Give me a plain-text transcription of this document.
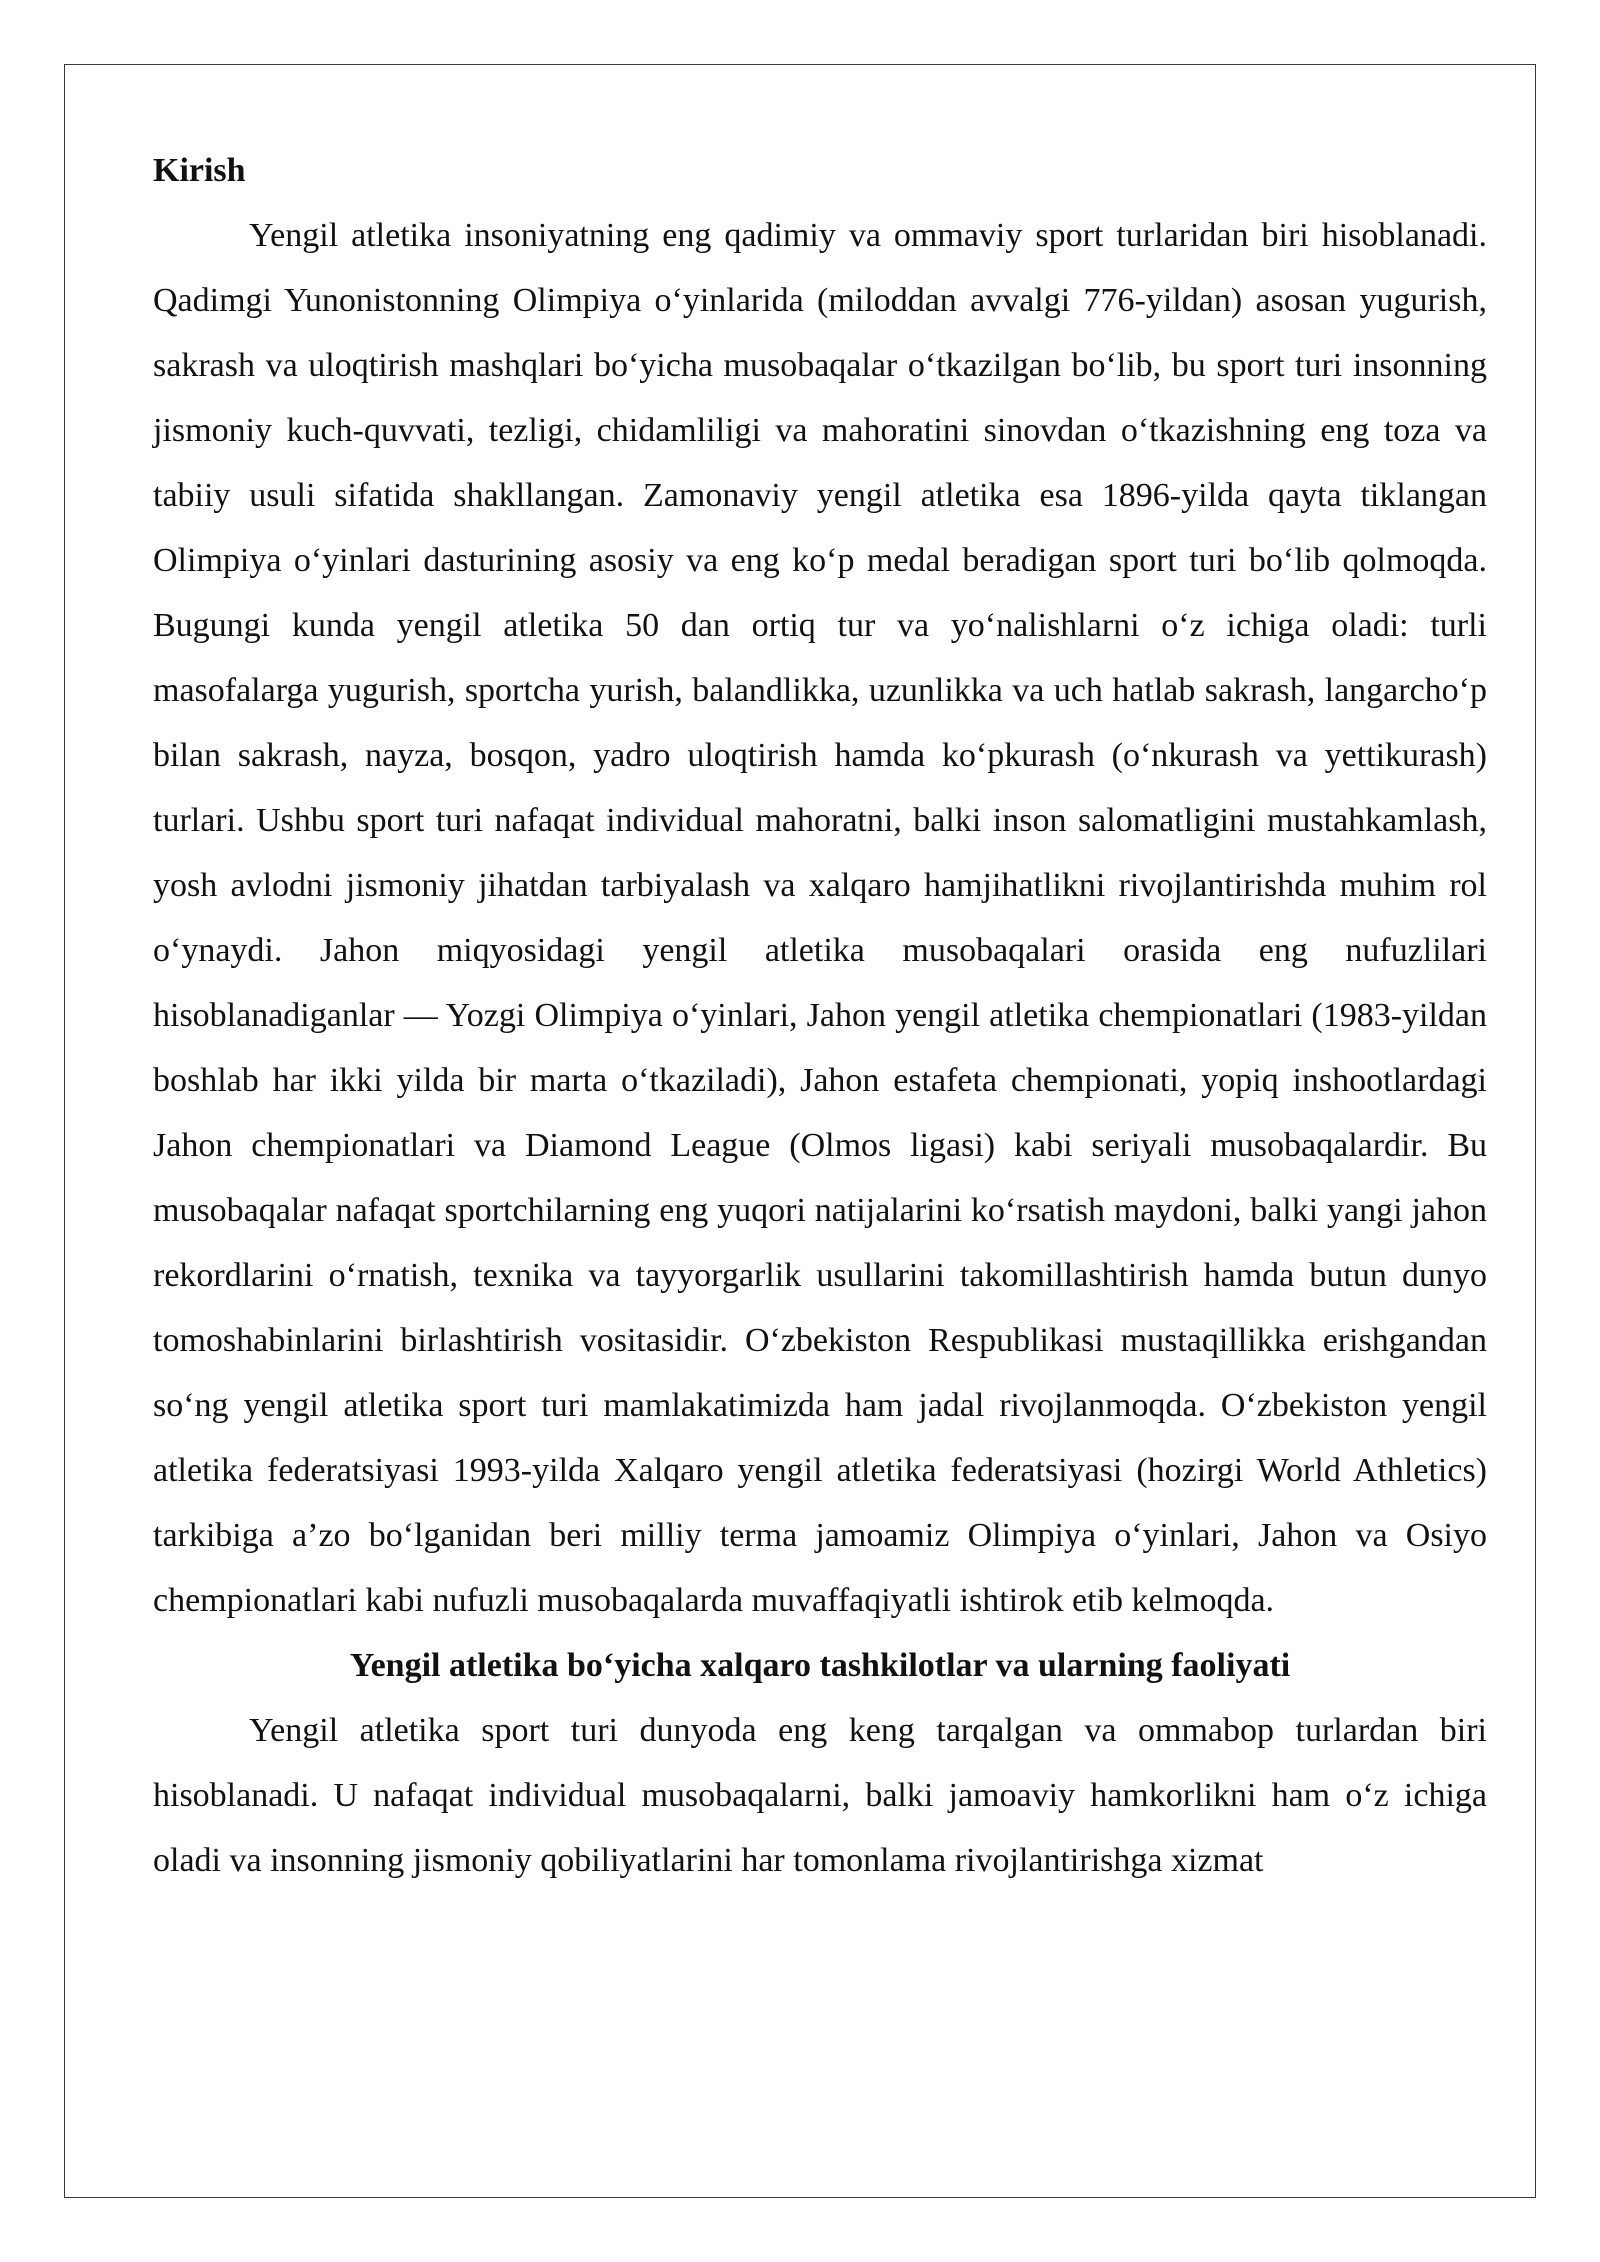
Kirish

Yengil atletika insoniyatning eng qadimiy va ommaviy sport turlaridan biri hisoblanadi. Qadimgi Yunonistonning Olimpiya o‘yinlarida (miloddan avvalgi 776-yildan) asosan yugurish, sakrash va uloqtirish mashqlari bo‘yicha musobaqalar o‘tkazilgan bo‘lib, bu sport turi insonning jismoniy kuch-quvvati, tezligi, chidamliligi va mahoratini sinovdan o‘tkazishning eng toza va tabiiy usuli sifatida shakllangan. Zamonaviy yengil atletika esa 1896-yilda qayta tiklangan Olimpiya o‘yinlari dasturining asosiy va eng ko‘p medal beradigan sport turi bo‘lib qolmoqda. Bugungi kunda yengil atletika 50 dan ortiq tur va yo‘nalishlarni o‘z ichiga oladi: turli masofalarga yugurish, sportcha yurish, balandlikka, uzunlikka va uch hatlab sakrash, langarcho‘p bilan sakrash, nayza, bosqon, yadro uloqtirish hamda ko‘pkurash (o‘nkurash va yettikurash) turlari. Ushbu sport turi nafaqat individual mahoratni, balki inson salomatligini mustahkamlash, yosh avlodni jismoniy jihatdan tarbiyalash va xalqaro hamjihatlikni rivojlantirishda muhim rol o‘ynaydi. Jahon miqyosidagi yengil atletika musobaqalari orasida eng nufuzlilari hisoblanadiganlar — Yozgi Olimpiya o‘yinlari, Jahon yengil atletika chempionatlari (1983-yildan boshlab har ikki yilda bir marta o‘tkaziladi), Jahon estafeta chempionati, yopiq inshootlardagi Jahon chempionatlari va Diamond League (Olmos ligasi) kabi seriyali musobaqalardir. Bu musobaqalar nafaqat sportchilarning eng yuqori natijalarini ko‘rsatish maydoni, balki yangi jahon rekordlarini o‘rnatish, texnika va tayyorgarlik usullarini takomillashtirish hamda butun dunyo tomoshabinlarini birlashtirish vositasidir. O‘zbekiston Respublikasi mustaqillikka erishgandan so‘ng yengil atletika sport turi mamlakatimizda ham jadal rivojlanmoqda. O‘zbekiston yengil atletika federatsiyasi 1993-yilda Xalqaro yengil atletika federatsiyasi (hozirgi World Athletics) tarkibiga a’zo bo‘lganidan beri milliy terma jamoamiz Olimpiya o‘yinlari, Jahon va Osiyo chempionatlari kabi nufuzli musobaqalarda muvaffaqiyatli ishtirok etib kelmoqda.

Yengil atletika bo‘yicha xalqaro tashkilotlar va ularning faoliyati

Yengil atletika sport turi dunyoda eng keng tarqalgan va ommabop turlardan biri hisoblanadi. U nafaqat individual musobaqalarni, balki jamoaviy hamkorlikni ham o‘z ichiga oladi va insonning jismoniy qobiliyatlarini har tomonlama rivojlantirishga xizmat
